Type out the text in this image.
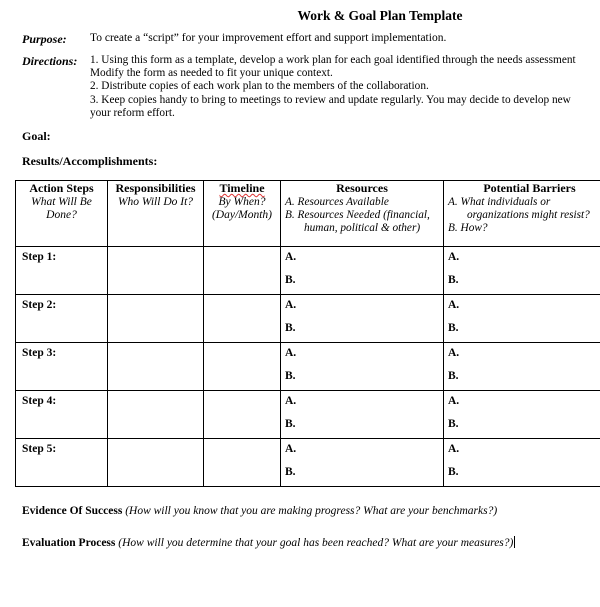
Work & Goal Plan Template
Purpose: To create a “script” for your improvement effort and support implementation.
Directions: 1. Using this form as a template, develop a work plan for each goal identified through the needs assessment
Modify the form as needed to fit your unique context.
2. Distribute copies of each work plan to the members of the collaboration.
3. Keep copies handy to bring to meetings to review and update regularly. You may decide to develop new
your reform effort.
Goal:
Results/Accomplishments:
Action Steps
What Will Be
Done?	Responsibilities
Who Will Do It?	Timeline
By When?
(Day/Month)	Resources
A. Resources Available
B. Resources Needed (financial,
human, political & other)	Potential Barriers
A. What individuals or
organizations might resist?
B. How?

Step 1:			A.
B.	A.
B.

Step 2:			A.
B.	A.
B.

Step 3:			A.
B.	A.
B.

Step 4:			A.
B.	A.
B.

Step 5:			A.
B.	A.
B.
Evidence Of Success (How will you know that you are making progress? What are your benchmarks?)
Evaluation Process (How will you determine that your goal has been reached? What are your measures?)
